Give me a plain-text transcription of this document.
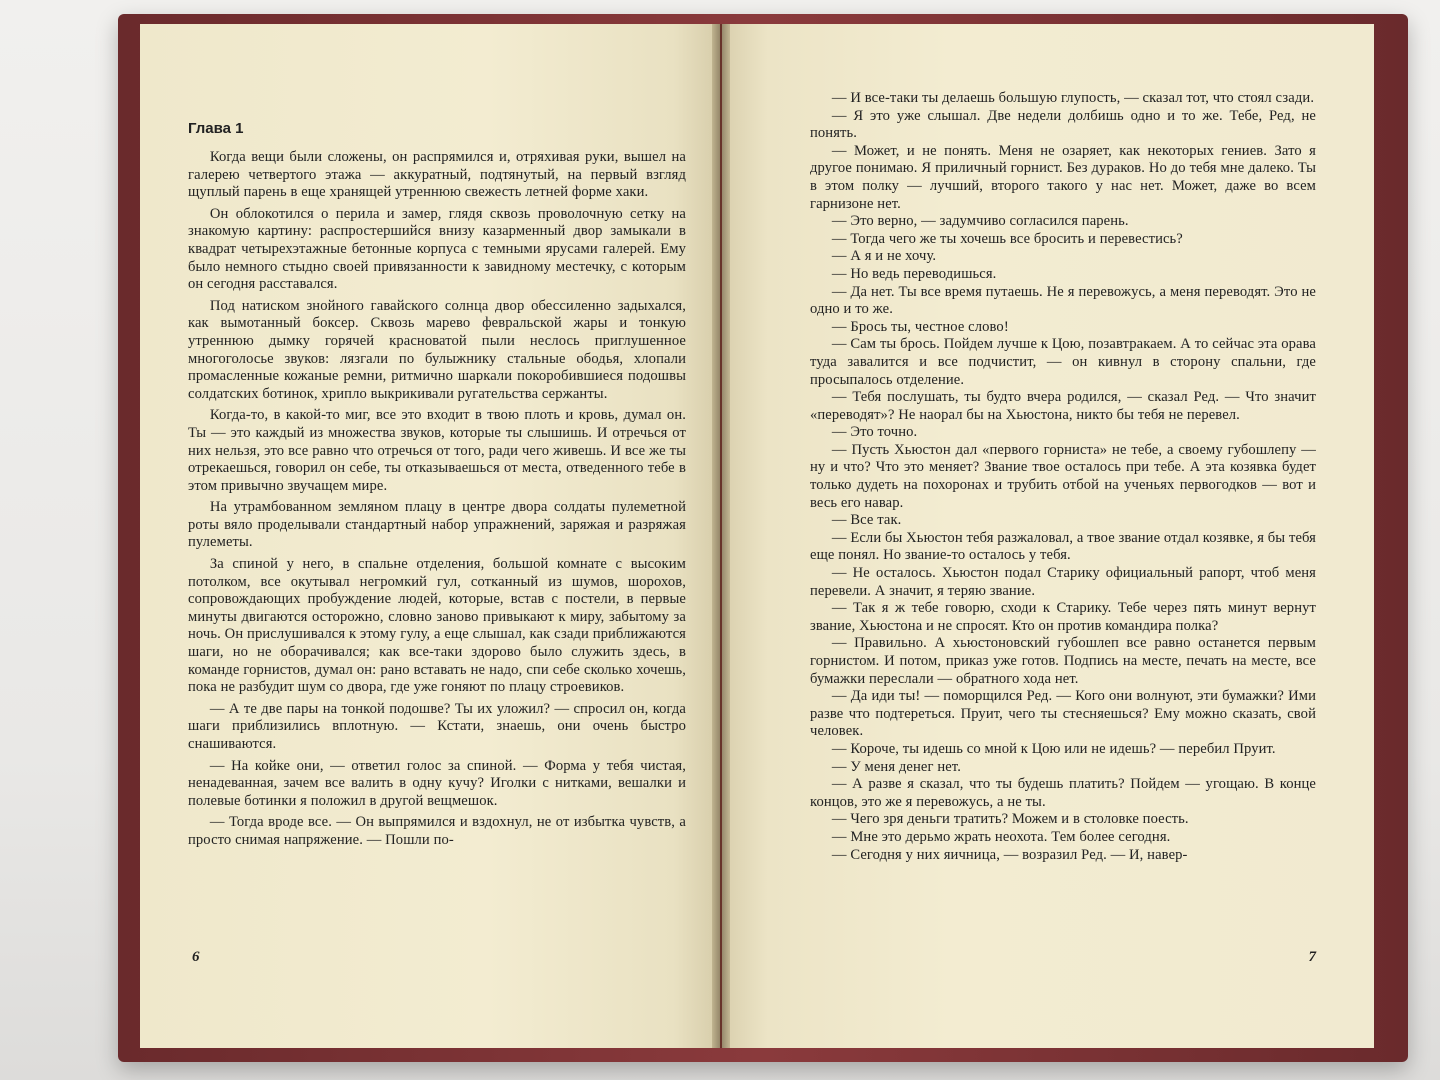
Глава 1

Когда вещи были сложены, он распрямился и, отряхивая руки, вышел на галерею четвертого этажа — аккуратный, подтянутый, на первый взгляд щуплый парень в еще хранящей утреннюю свежесть летней форме хаки.

Он облокотился о перила и замер, глядя сквозь проволочную сетку на знакомую картину: распростершийся внизу казарменный двор замыкали в квадрат четырехэтажные бетонные корпуса с темными ярусами галерей. Ему было немного стыдно своей привязанности к завидному местечку, с которым он сегодня расставался.

Под натиском знойного гавайского солнца двор обессиленно задыхался, как вымотанный боксер. Сквозь марево февральской жары и тонкую утреннюю дымку горячей красноватой пыли неслось приглушенное многоголосье звуков: лязгали по булыжнику стальные ободья, хлопали промасленные кожаные ремни, ритмично шаркали покоробившиеся подошвы солдатских ботинок, хрипло выкрикивали ругательства сержанты.

Когда-то, в какой-то миг, все это входит в твою плоть и кровь, думал он. Ты — это каждый из множества звуков, которые ты слышишь. И отречься от них нельзя, это все равно что отречься от того, ради чего живешь. И все же ты отрекаешься, говорил он себе, ты отказываешься от места, отведенного тебе в этом привычно звучащем мире.

На утрамбованном земляном плацу в центре двора солдаты пулеметной роты вяло проделывали стандартный набор упражнений, заряжая и разряжая пулеметы.

За спиной у него, в спальне отделения, большой комнате с высоким потолком, все окутывал негромкий гул, сотканный из шумов, шорохов, сопровождающих пробуждение людей, которые, встав с постели, в первые минуты двигаются осторожно, словно заново привыкают к миру, забытому за ночь. Он прислушивался к этому гулу, а еще слышал, как сзади приближаются шаги, но не оборачивался; как все-таки здорово было служить здесь, в команде горнистов, думал он: рано вставать не надо, спи себе сколько хочешь, пока не разбудит шум со двора, где уже гоняют по плацу строевиков.

— А те две пары на тонкой подошве? Ты их уложил? — спросил он, когда шаги приблизились вплотную. — Кстати, знаешь, они очень быстро снашиваются.

— На койке они, — ответил голос за спиной. — Форма у тебя чистая, ненадеванная, зачем все валить в одну кучу? Иголки с нитками, вешалки и полевые ботинки я положил в другой вещмешок.

— Тогда вроде все. — Он выпрямился и вздохнул, не от избытка чувств, а просто снимая напряжение. — Пошли по-

6

— И все-таки ты делаешь большую глупость, — сказал тот, что стоял сзади.

— Я это уже слышал. Две недели долбишь одно и то же. Тебе, Ред, не понять.

— Может, и не понять. Меня не озаряет, как некоторых гениев. Зато я другое понимаю. Я приличный горнист. Без дураков. Но до тебя мне далеко. Ты в этом полку — лучший, второго такого у нас нет. Может, даже во всем гарнизоне нет.

— Это верно, — задумчиво согласился парень.

— Тогда чего же ты хочешь все бросить и перевестись?

— А я и не хочу.

— Но ведь переводишься.

— Да нет. Ты все время путаешь. Не я перевожусь, а меня переводят. Это не одно и то же.

— Брось ты, честное слово!

— Сам ты брось. Пойдем лучше к Цою, позавтракаем. А то сейчас эта орава туда завалится и все подчистит, — он кивнул в сторону спальни, где просыпалось отделение.

— Тебя послушать, ты будто вчера родился, — сказал Ред. — Что значит «переводят»? Не наорал бы на Хьюстона, никто бы тебя не перевел.

— Это точно.

— Пусть Хьюстон дал «первого горниста» не тебе, а своему губошлепу — ну и что? Что это меняет? Звание твое осталось при тебе. А эта козявка будет только дудеть на похоронах и трубить отбой на ученьях первогодков — вот и весь его навар.

— Все так.

— Если бы Хьюстон тебя разжаловал, а твое звание отдал козявке, я бы тебя еще понял. Но звание-то осталось у тебя.

— Не осталось. Хьюстон подал Старику официальный рапорт, чтоб меня перевели. А значит, я теряю звание.

— Так я ж тебе говорю, сходи к Старику. Тебе через пять минут вернут звание, Хьюстона и не спросят. Кто он против командира полка?

— Правильно. А хьюстоновский губошлеп все равно останется первым горнистом. И потом, приказ уже готов. Подпись на месте, печать на месте, все бумажки переслали — обратного хода нет.

— Да иди ты! — поморщился Ред. — Кого они волнуют, эти бумажки? Ими разве что подтереться. Пруит, чего ты стесняешься? Ему можно сказать, свой человек.

— Короче, ты идешь со мной к Цою или не идешь? — перебил Пруит.

— У меня денег нет.

— А разве я сказал, что ты будешь платить? Пойдем — угощаю. В конце концов, это же я перевожусь, а не ты.

— Чего зря деньги тратить? Можем и в столовке поесть.

— Мне это дерьмо жрать неохота. Тем более сегодня.

— Сегодня у них яичница, — возразил Ред. — И, навер-

7
